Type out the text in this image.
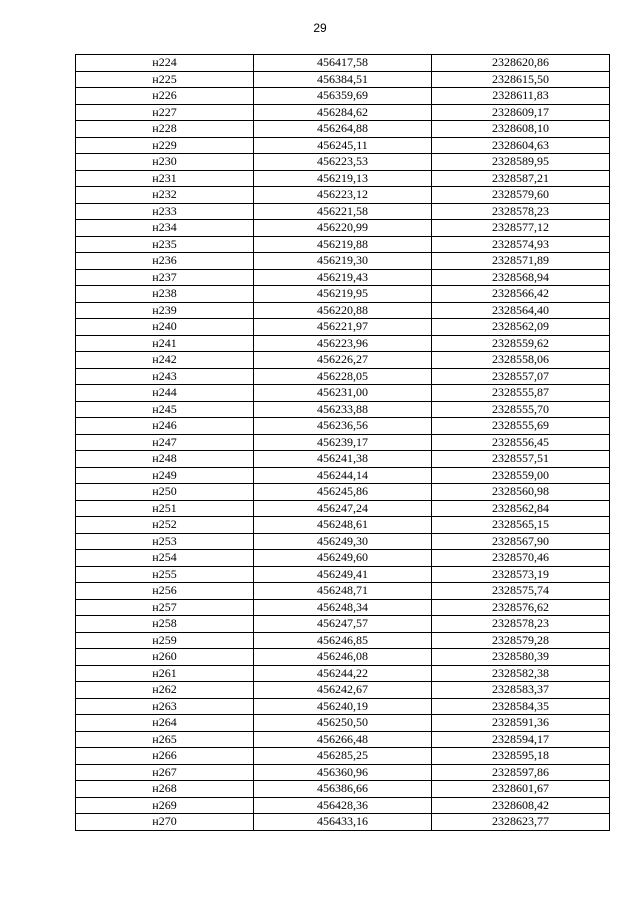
29
н224	456417,58	2328620,86
н225	456384,51	2328615,50
н226	456359,69	2328611,83
н227	456284,62	2328609,17
н228	456264,88	2328608,10
н229	456245,11	2328604,63
н230	456223,53	2328589,95
н231	456219,13	2328587,21
н232	456223,12	2328579,60
н233	456221,58	2328578,23
н234	456220,99	2328577,12
н235	456219,88	2328574,93
н236	456219,30	2328571,89
н237	456219,43	2328568,94
н238	456219,95	2328566,42
н239	456220,88	2328564,40
н240	456221,97	2328562,09
н241	456223,96	2328559,62
н242	456226,27	2328558,06
н243	456228,05	2328557,07
н244	456231,00	2328555,87
н245	456233,88	2328555,70
н246	456236,56	2328555,69
н247	456239,17	2328556,45
н248	456241,38	2328557,51
н249	456244,14	2328559,00
н250	456245,86	2328560,98
н251	456247,24	2328562,84
н252	456248,61	2328565,15
н253	456249,30	2328567,90
н254	456249,60	2328570,46
н255	456249,41	2328573,19
н256	456248,71	2328575,74
н257	456248,34	2328576,62
н258	456247,57	2328578,23
н259	456246,85	2328579,28
н260	456246,08	2328580,39
н261	456244,22	2328582,38
н262	456242,67	2328583,37
н263	456240,19	2328584,35
н264	456250,50	2328591,36
н265	456266,48	2328594,17
н266	456285,25	2328595,18
н267	456360,96	2328597,86
н268	456386,66	2328601,67
н269	456428,36	2328608,42
н270	456433,16	2328623,77
